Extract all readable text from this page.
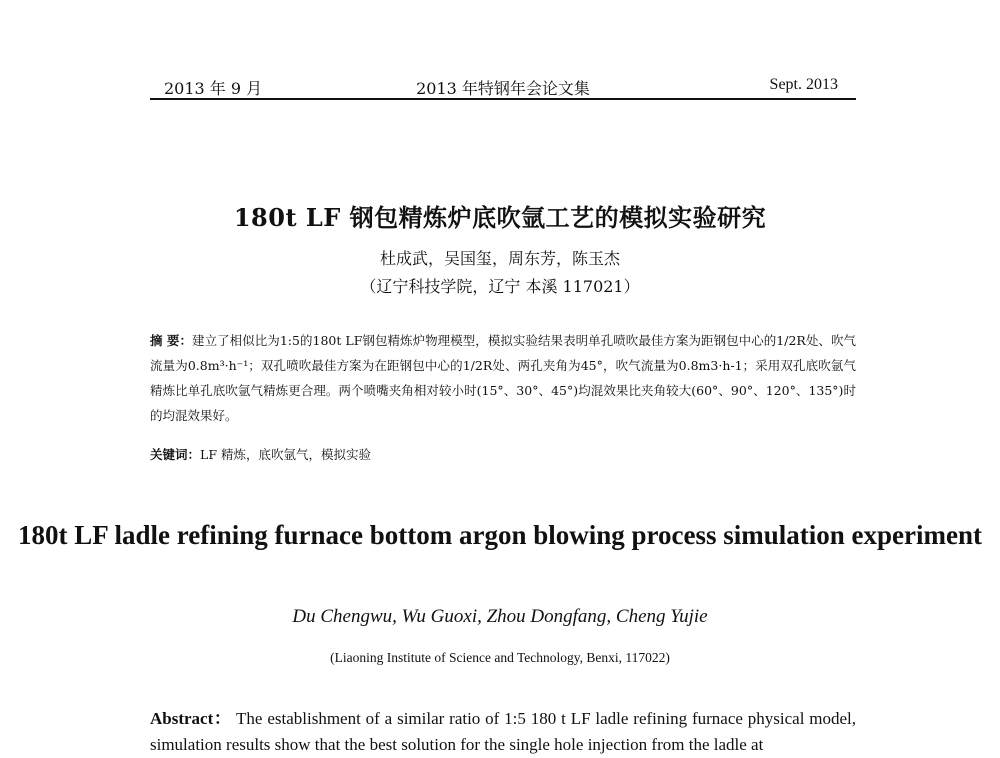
2013 年 9 月	2013 年特钢年会论文集	Sept. 2013
180t LF 钢包精炼炉底吹氩工艺的模拟实验研究
杜成武，吴国玺，周东芳，陈玉杰
（辽宁科技学院，辽宁 本溪 117021）
摘 要：建立了相似比为1:5的180t LF钢包精炼炉物理模型，模拟实验结果表明单孔喷吹最佳方案为距钢包中心的1/2R处、吹气流量为0.8m³·h⁻¹；双孔喷吹最佳方案为在距钢包中心的1/2R处、两孔夹角为45°，吹气流量为0.8m3·h-1；采用双孔底吹氩气精炼比单孔底吹氩气精炼更合理。两个喷嘴夹角相对较小时(15°、30°、45°)均混效果比夹角较大(60°、90°、120°、135°)时的均混效果好。
关键词：LF 精炼，底吹氩气，模拟实验
180t LF ladle refining furnace bottom argon blowing process simulation experiment
Du Chengwu, Wu Guoxi, Zhou Dongfang, Cheng Yujie
(Liaoning Institute of Science and Technology, Benxi, 117022)
Abstract： The establishment of a similar ratio of 1:5 180 t LF ladle refining furnace physical model, simulation results show that the best solution for the single hole injection from the ladle at
